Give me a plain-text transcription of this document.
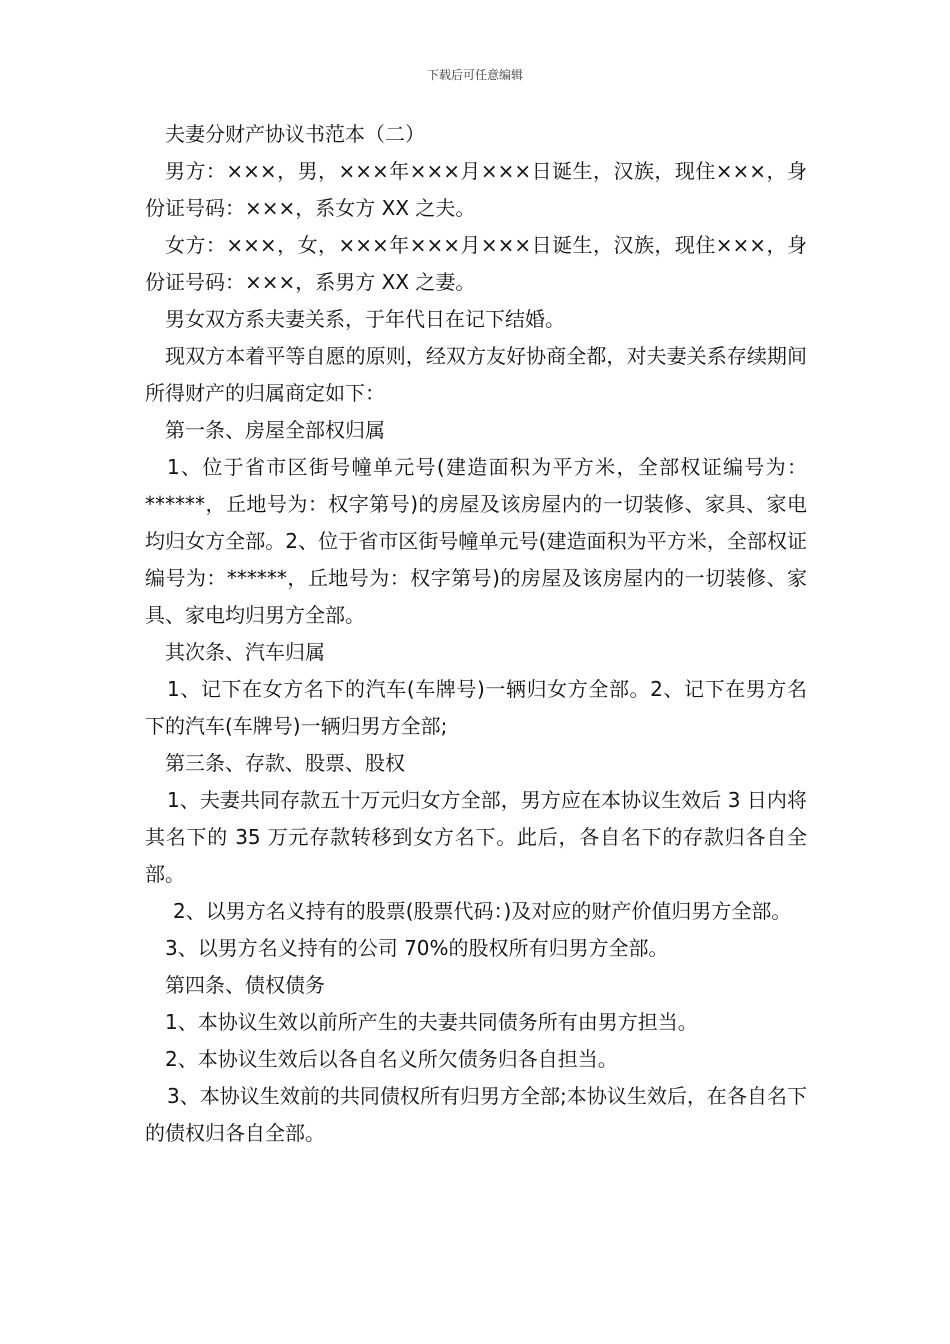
下载后可任意编辑

夫妻分财产协议书范本（二）

男方：×××，男，×××年×××月×××日诞生，汉族，现住×××，身份证号码：×××，系女方 XX 之夫。

女方：×××，女，×××年×××月×××日诞生，汉族，现住×××，身份证号码：×××，系男方 XX 之妻。

男女双方系夫妻关系，于年代日在记下结婚。

现双方本着平等自愿的原则，经双方友好协商全都，对夫妻关系存续期间所得财产的归属商定如下：

第一条、房屋全部权归属

1、位于省市区街号幢单元号(建造面积为平方米，全部权证编号为：******，丘地号为：权字第号)的房屋及该房屋内的一切装修、家具、家电均归女方全部。2、位于省市区街号幢单元号(建造面积为平方米，全部权证编号为：******，丘地号为：权字第号)的房屋及该房屋内的一切装修、家具、家电均归男方全部。

其次条、汽车归属

1、记下在女方名下的汽车(车牌号)一辆归女方全部。2、记下在男方名下的汽车(车牌号)一辆归男方全部;

第三条、存款、股票、股权

1、夫妻共同存款五十万元归女方全部，男方应在本协议生效后 3 日内将其名下的 35 万元存款转移到女方名下。此后，各自名下的存款归各自全部。

2、以男方名义持有的股票(股票代码：)及对应的财产价值归男方全部。

3、以男方名义持有的公司 70%的股权所有归男方全部。

第四条、债权债务

1、本协议生效以前所产生的夫妻共同债务所有由男方担当。

2、本协议生效后以各自名义所欠债务归各自担当。

3、本协议生效前的共同债权所有归男方全部;本协议生效后，在各自名下的债权归各自全部。
